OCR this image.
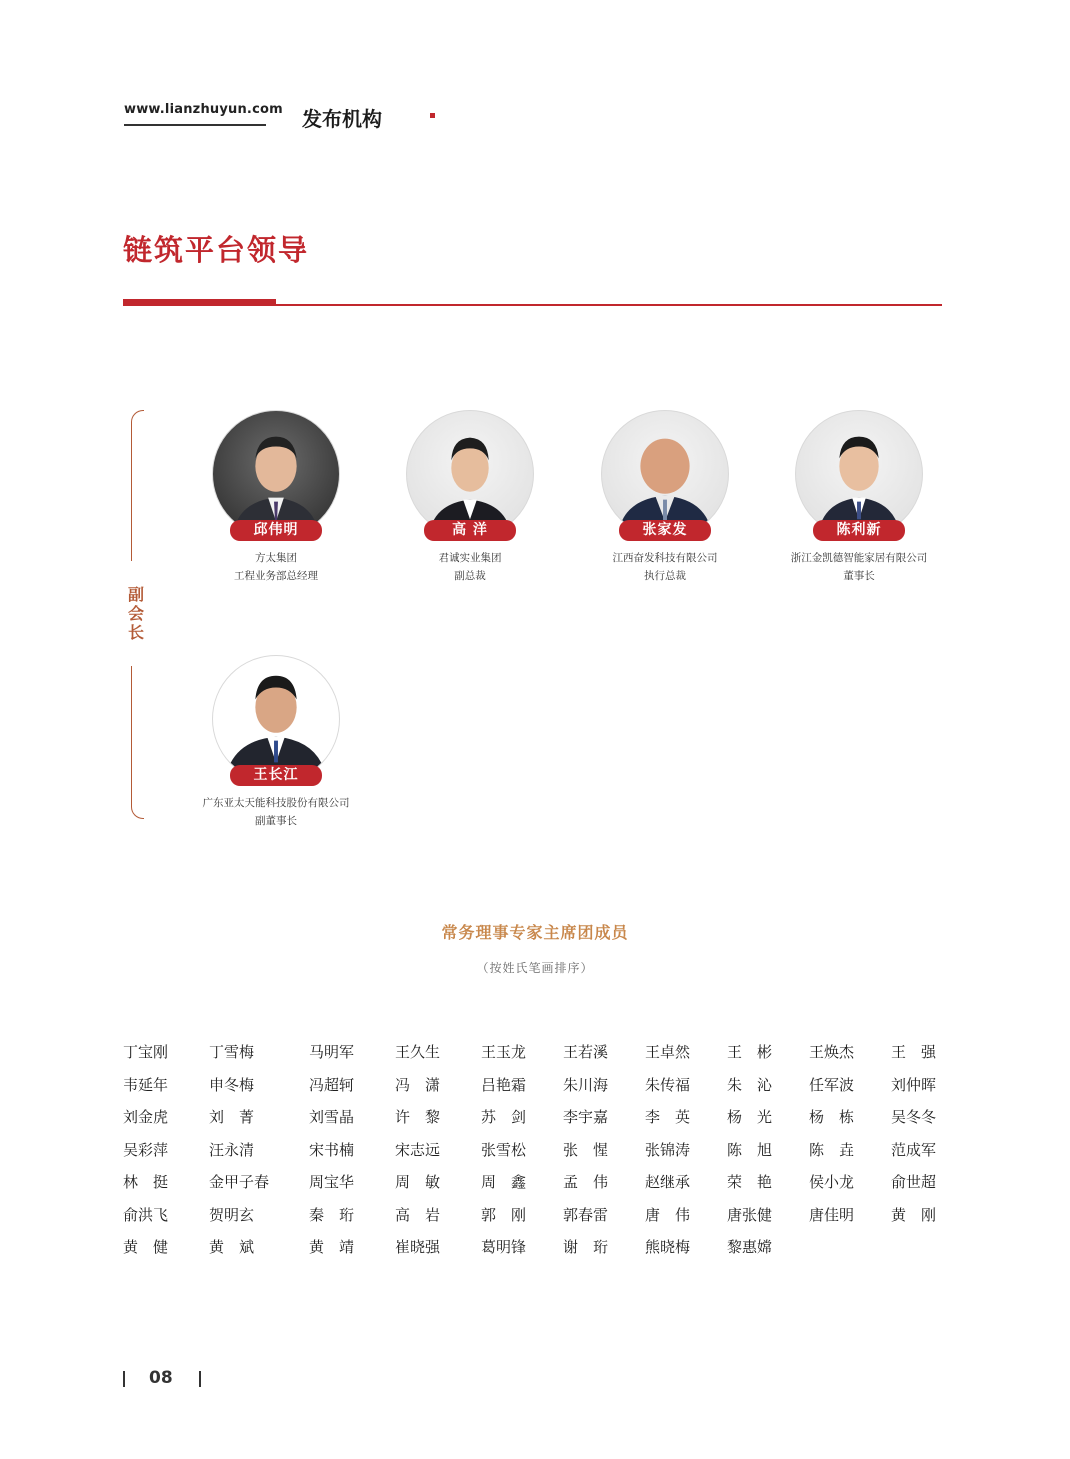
www.lianzhuyun.com 发布机构
链筑平台领导
副会长
邱伟明
方太集团
工程业务部总经理
高 洋
君诚实业集团
副总裁
张家发
江西奋发科技有限公司
执行总裁
陈利新
浙江金凯德智能家居有限公司
董事长
王长江
广东亚太天能科技股份有限公司
副董事长
常务理事专家主席团成员
（按姓氏笔画排序）
丁宝刚	丁雪梅	马明军	王久生	王玉龙 王若溪 王卓然 王　彬 王焕杰 王　强
韦延年	申冬梅	冯超轲	冯　潇	吕艳霜 朱川海 朱传福 朱　沁 任军波 刘仲晖
刘金虎	刘　菁	刘雪晶	许　黎	苏　剑 李宇嘉 李　英 杨　光 杨　栋 吴冬冬
吴彩萍	汪永清	宋书楠	宋志远	张雪松 张　惺 张锦涛 陈　旭 陈　垚 范成军
林　挺	金甲子春	周宝华	周　敏	周　鑫 孟　伟 赵继承 荣　艳 侯小龙 俞世超
俞洪飞	贺明玄	秦　珩	高　岩	郭　刚 郭春雷 唐　伟 唐张健 唐佳明 黄　刚
黄　健	黄　斌	黄　靖	崔晓强	葛明锋 谢　珩 熊晓梅 黎惠嫦
08
